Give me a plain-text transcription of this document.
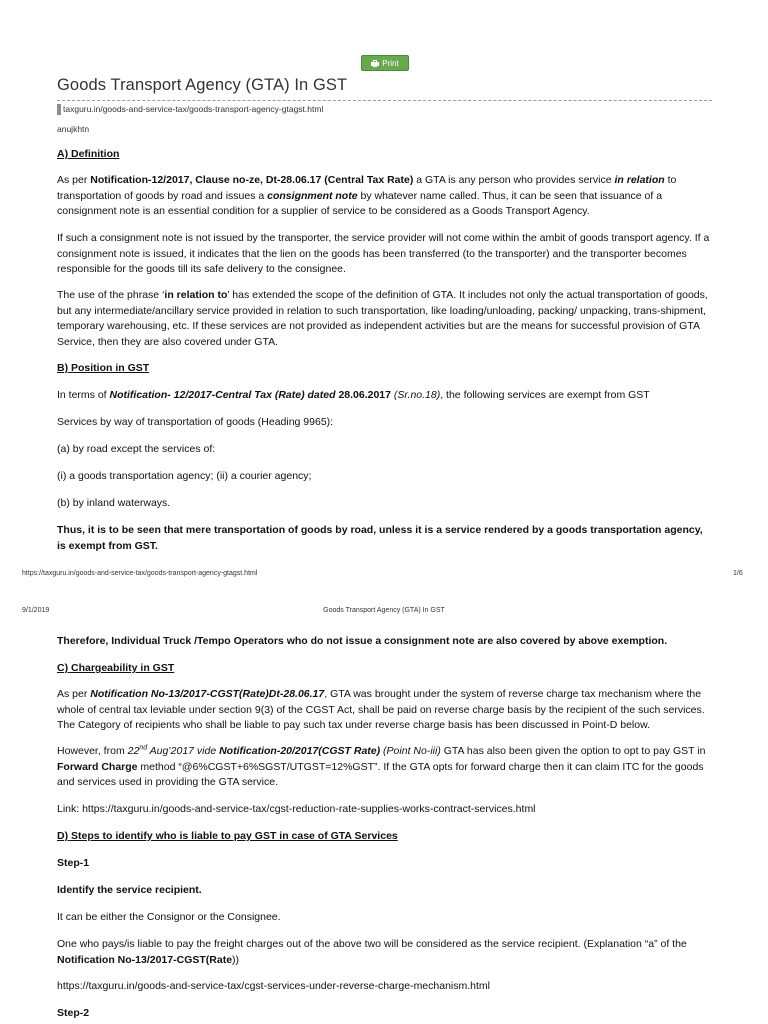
Print
Goods Transport Agency (GTA) In GST
taxguru.in/goods-and-service-tax/goods-transport-agency-gtagst.html
anujkhtn
A) Definition
As per Notification-12/2017, Clause no-ze, Dt-28.06.17 (Central Tax Rate) a GTA is any person who provides service in relation to transportation of goods by road and issues a consignment note by whatever name called. Thus, it can be seen that issuance of a consignment note is an essential condition for a supplier of service to be considered as a Goods Transport Agency.
If such a consignment note is not issued by the transporter, the service provider will not come within the ambit of goods transport agency. If a consignment note is issued, it indicates that the lien on the goods has been transferred (to the transporter) and the transporter becomes responsible for the goods till its safe delivery to the consignee.
The use of the phrase ‘in relation to’ has extended the scope of the definition of GTA. It includes not only the actual transportation of goods, but any intermediate/ancillary service provided in relation to such transportation, like loading/unloading, packing/ unpacking, trans-shipment, temporary warehousing, etc. If these services are not provided as independent activities but are the means for successful provision of GTA Service, then they are also covered under GTA.
B) Position in GST
In terms of Notification- 12/2017-Central Tax (Rate) dated 28.06.2017 (Sr.no.18), the following services are exempt from GST
Services by way of transportation of goods (Heading 9965):
(a) by road except the services of:
(i) a goods transportation agency; (ii) a courier agency;
(b) by inland waterways.
Thus, it is to be seen that mere transportation of goods by road, unless it is a service rendered by a goods transportation agency, is exempt from GST.
https://taxguru.in/goods-and-service-tax/goods-transport-agency-gtagst.html	1/6
9/1/2019	Goods Transport Agency (GTA) In GST
Therefore, Individual Truck /Tempo Operators who do not issue a consignment note are also covered by above exemption.
C) Chargeability in GST
As per Notification No-13/2017-CGST(Rate)Dt-28.06.17, GTA was brought under the system of reverse charge tax mechanism where the whole of central tax leviable under section 9(3) of the CGST Act, shall be paid on reverse charge basis by the recipient of the such services. The Category of recipients who shall be liable to pay such tax under reverse charge basis has been discussed in Point-D below.
However, from 22nd Aug’2017 vide Notification-20/2017(CGST Rate) (Point No-iii) GTA has also been given the option to opt to pay GST in Forward Charge method “@6%CGST+6%SGST/UTGST=12%GST”. If the GTA opts for forward charge then it can claim ITC for the goods and services used in providing the GTA service.
Link: https://taxguru.in/goods-and-service-tax/cgst-reduction-rate-supplies-works-contract-services.html
D) Steps to identify who is liable to pay GST in case of GTA Services
Step-1
Identify the service recipient.
It can be either the Consignor or the Consignee.
One who pays/is liable to pay the freight charges out of the above two will be considered as the service recipient. (Explanation “a” of the Notification No-13/2017-CGST(Rate))
https://taxguru.in/goods-and-service-tax/cgst-services-under-reverse-charge-mechanism.html
Step-2
